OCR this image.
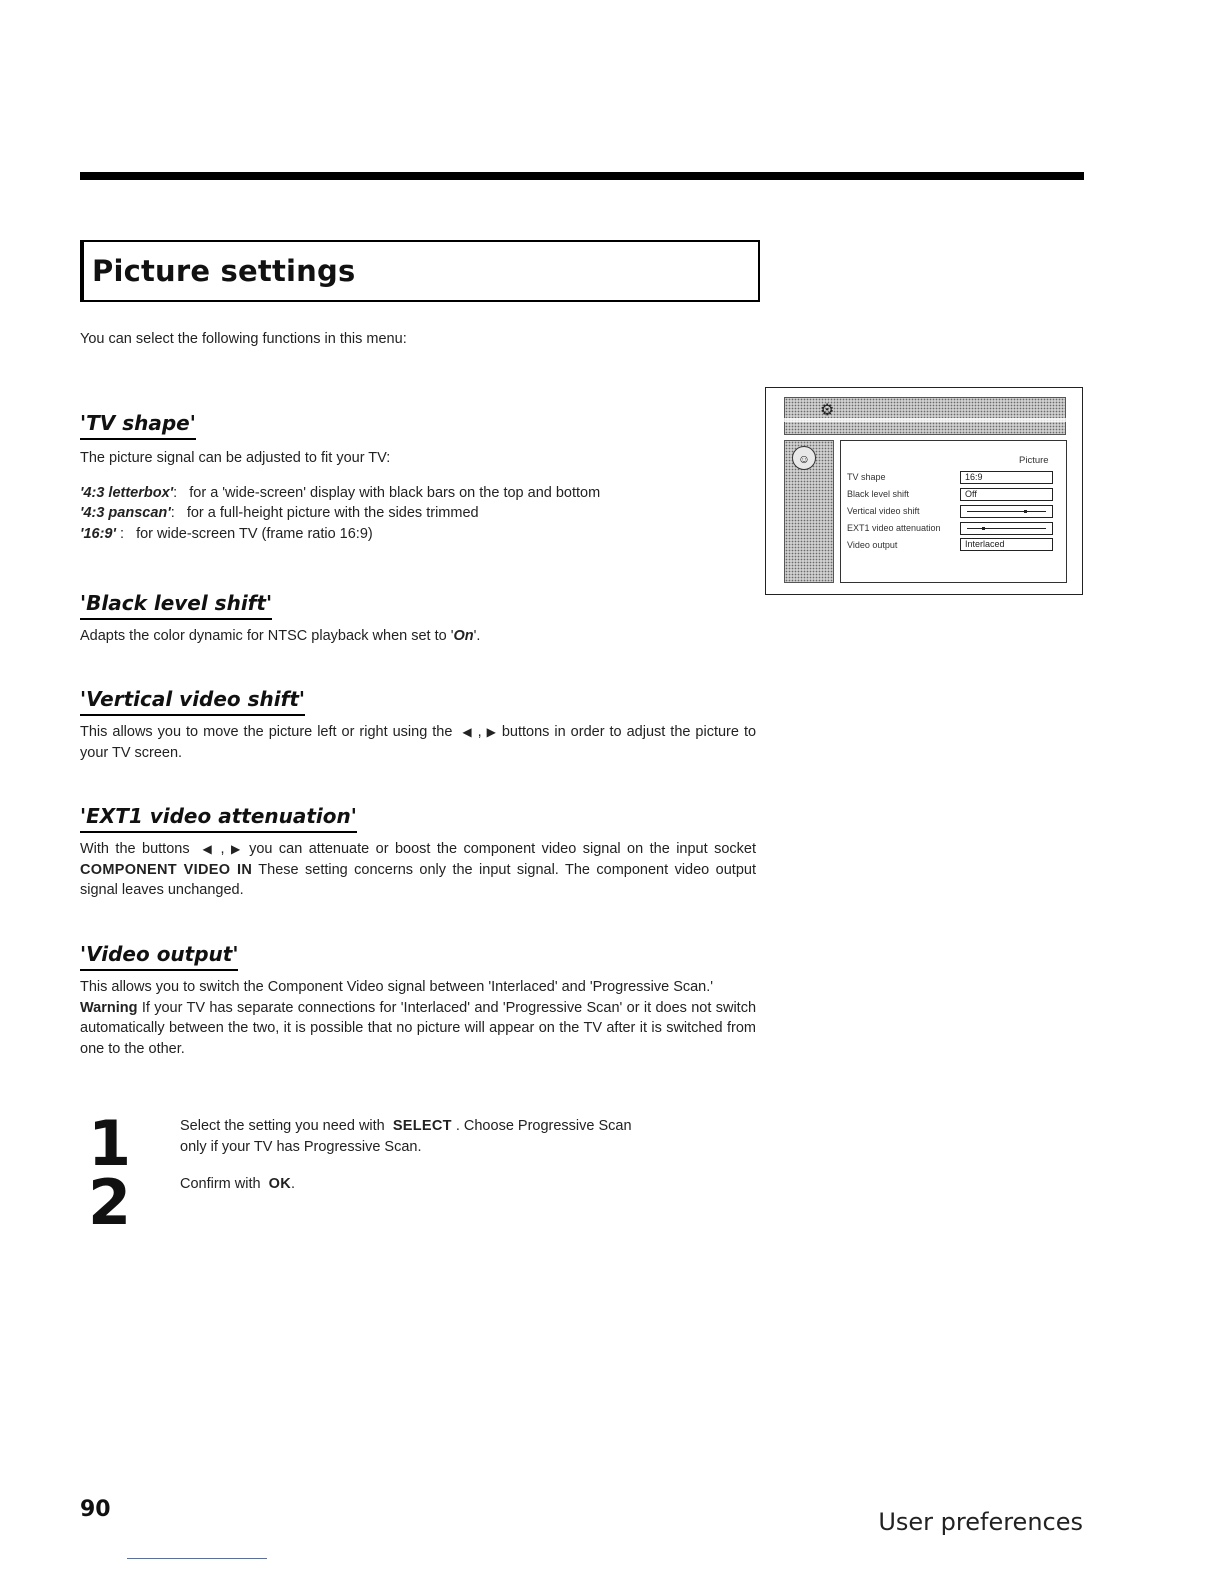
Picture settings
You can select the following functions in this menu:
'TV shape'

The picture signal can be adjusted to fit your TV:

'4:3 letterbox': for a 'wide-screen' display with black bars on the top and bottom

'4:3 panscan': for a full-height picture with the sides trimmed

'16:9' : for wide-screen TV (frame ratio 16:9)

'Black level shift'

Adapts the color dynamic for NTSC playback when set to 'On'.

'Vertical video shift'

This allows you to move the picture left or right using the ◀ , ▶ buttons in order to adjust the picture to your TV screen.

'EXT1 video attenuation'

With the buttons ◀ , ▶ you can attenuate or boost the component video signal on the input socket COMPONENT VIDEO IN These setting concerns only the input signal. The component video output signal leaves unchanged.

'Video output'

This allows you to switch the Component Video signal between 'Interlaced' and 'Progressive Scan.'

Warning If your TV has separate connections for 'Interlaced' and 'Progressive Scan' or it does not switch automatically between the two, it is possible that no picture will appear on the TV after it is switched from one to the other.

⚙
☺	Picture
TV shape	16:9
Black level shift	Off
Vertical video shift
EXT1 video attenuation
Video output	Interlaced
1	Select the setting you need with SELECT . Choose Progressive Scan only if your TV has Progressive Scan.

2	Confirm with OK.

90	User preferences
